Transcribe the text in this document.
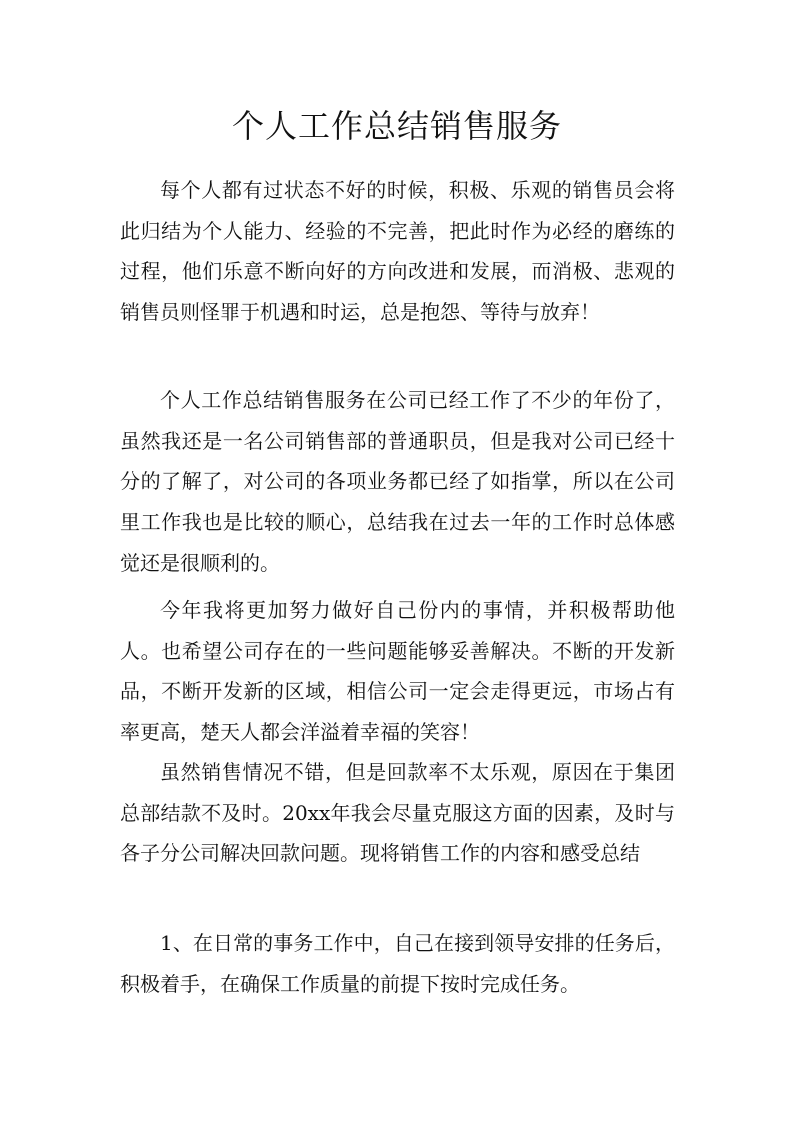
个人工作总结销售服务

每个人都有过状态不好的时候，积极、乐观的销售员会将此归结为个人能力、经验的不完善，把此时作为必经的磨练的过程，他们乐意不断向好的方向改进和发展，而消极、悲观的销售员则怪罪于机遇和时运，总是抱怨、等待与放弃！

个人工作总结销售服务在公司已经工作了不少的年份了，虽然我还是一名公司销售部的普通职员，但是我对公司已经十分的了解了，对公司的各项业务都已经了如指掌，所以在公司里工作我也是比较的顺心，总结我在过去一年的工作时总体感觉还是很顺利的。

今年我将更加努力做好自己份内的事情，并积极帮助他人。也希望公司存在的一些问题能够妥善解决。不断的开发新品，不断开发新的区域，相信公司一定会走得更远，市场占有率更高，楚天人都会洋溢着幸福的笑容！

虽然销售情况不错，但是回款率不太乐观，原因在于集团总部结款不及时。20xx年我会尽量克服这方面的因素，及时与各子分公司解决回款问题。现将销售工作的内容和感受总结

1、在日常的事务工作中，自己在接到领导安排的任务后，积极着手，在确保工作质量的前提下按时完成任务。
